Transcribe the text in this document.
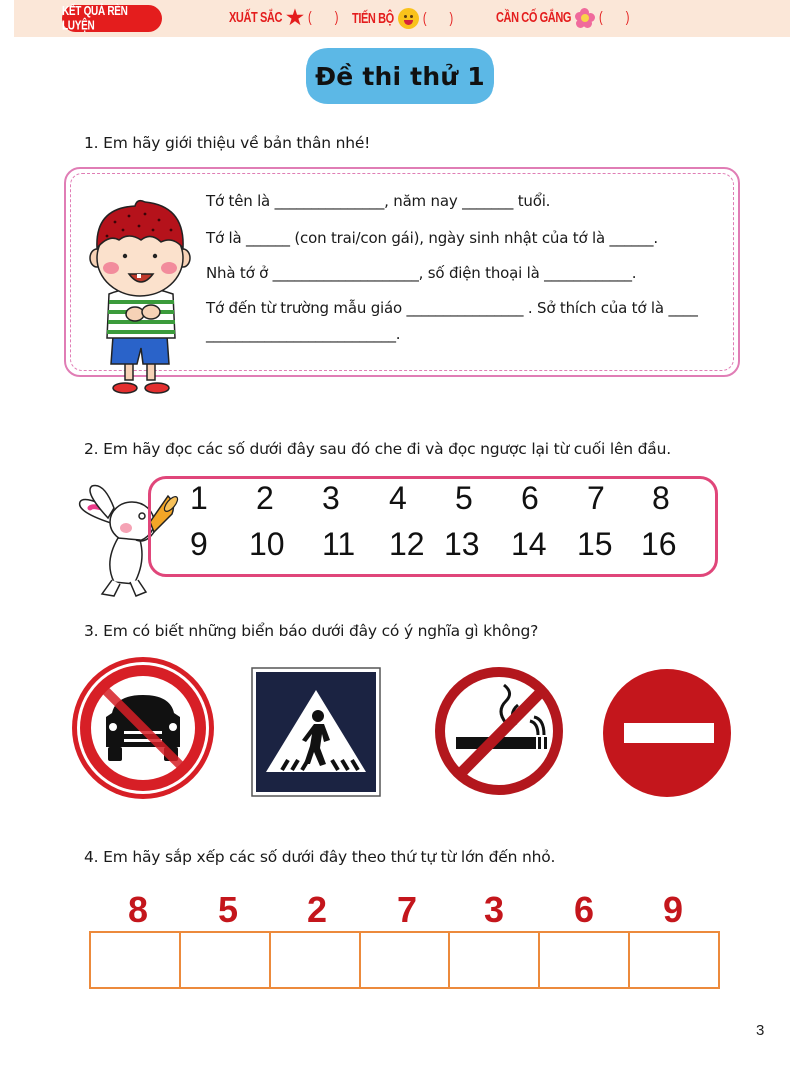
KẾT QUẢ RÈN LUYỆN	XUẤT SẮC ★ ( ) TIẾN BỘ	( )	CẦN CỐ GẮNG	( )
Đề thi thử 1
1. Em hãy giới thiệu về bản thân nhé!
Tớ tên là _______________, năm nay _______ tuổi.
Tớ là ______ (con trai/con gái), ngày sinh nhật của tớ là ______.
Nhà tớ ở ____________________, số điện thoại là ____________.
Tớ đến từ trường mẫu giáo ________________ . Sở thích của tớ là ____
__________________________.
2. Em hãy đọc các số dưới đây sau đó che đi và đọc ngược lại từ cuối lên đầu.
1 2 3 4 5 6 7 8
9 10 11 12 13 14 15 16
3. Em có biết những biển báo dưới đây có ý nghĩa gì không?
4. Em hãy sắp xếp các số dưới đây theo thứ tự từ lớn đến nhỏ.
8	5	2	7	3	6	9
3
